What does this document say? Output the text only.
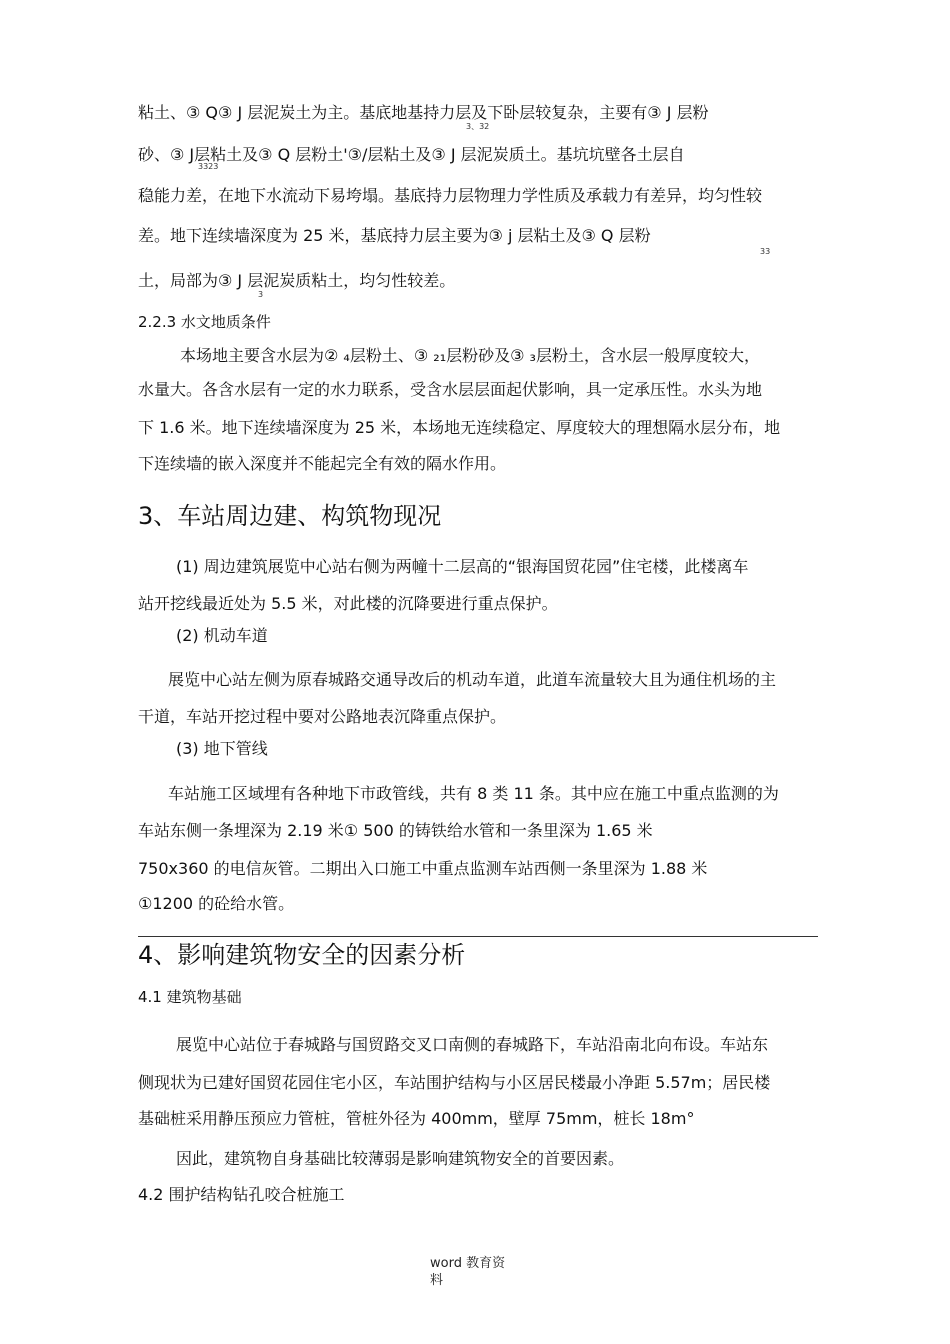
粘土、③ Q③ J 层泥炭土为主。基底地基持力层及下卧层较复杂，主要有③ J 层粉
3、32
砂、③ J层粘土及③ Q 层粉土'③/层粘土及③ J 层泥炭质土。基坑坑壁各土层自
3323
稳能力差，在地下水流动下易垮塌。基底持力层物理力学性质及承载力有差异，均匀性较
差。地下连续墙深度为 25 米，基底持力层主要为③ j 层粘土及③ Q 层粉
33
土，局部为③ J 层泥炭质粘土，均匀性较差。
3
2.2.3 水文地质条件
本场地主要含水层为② ₄层粉土、③ ₂₁层粉砂及③ ₃层粉土，含水层一般厚度较大，
水量大。各含水层有一定的水力联系，受含水层层面起伏影响，具一定承压性。水头为地
下 1.6 米。地下连续墙深度为 25 米，本场地无连续稳定、厚度较大的理想隔水层分布，地
下连续墙的嵌入深度并不能起完全有效的隔水作用。
3、车站周边建、构筑物现况
(1) 周边建筑展览中心站右侧为两幢十二层高的“银海国贸花园”住宅楼，此楼离车
站开挖线最近处为 5.5 米，对此楼的沉降要进行重点保护。
(2) 机动车道
展览中心站左侧为原春城路交通导改后的机动车道，此道车流量较大且为通住机场的主
干道，车站开挖过程中要对公路地表沉降重点保护。
(3) 地下管线
车站施工区域埋有各种地下市政管线，共有 8 类 11 条。其中应在施工中重点监测的为
车站东侧一条埋深为 2.19 米① 500 的铸铁给水管和一条里深为 1.65 米
750x360 的电信灰管。二期出入口施工中重点监测车站西侧一条里深为 1.88 米
①1200 的砼给水管。
4、影响建筑物安全的因素分析
4.1 建筑物基础
展览中心站位于春城路与国贸路交叉口南侧的春城路下，车站沿南北向布设。车站东
侧现状为已建好国贸花园住宅小区，车站围护结构与小区居民楼最小净距 5.57m；居民楼
基础桩采用静压预应力管桩，管桩外径为 400mm，壁厚 75mm，桩长 18m°
因此，建筑物自身基础比较薄弱是影响建筑物安全的首要因素。
4.2 围护结构钻孔咬合桩施工
word 教育资
料
